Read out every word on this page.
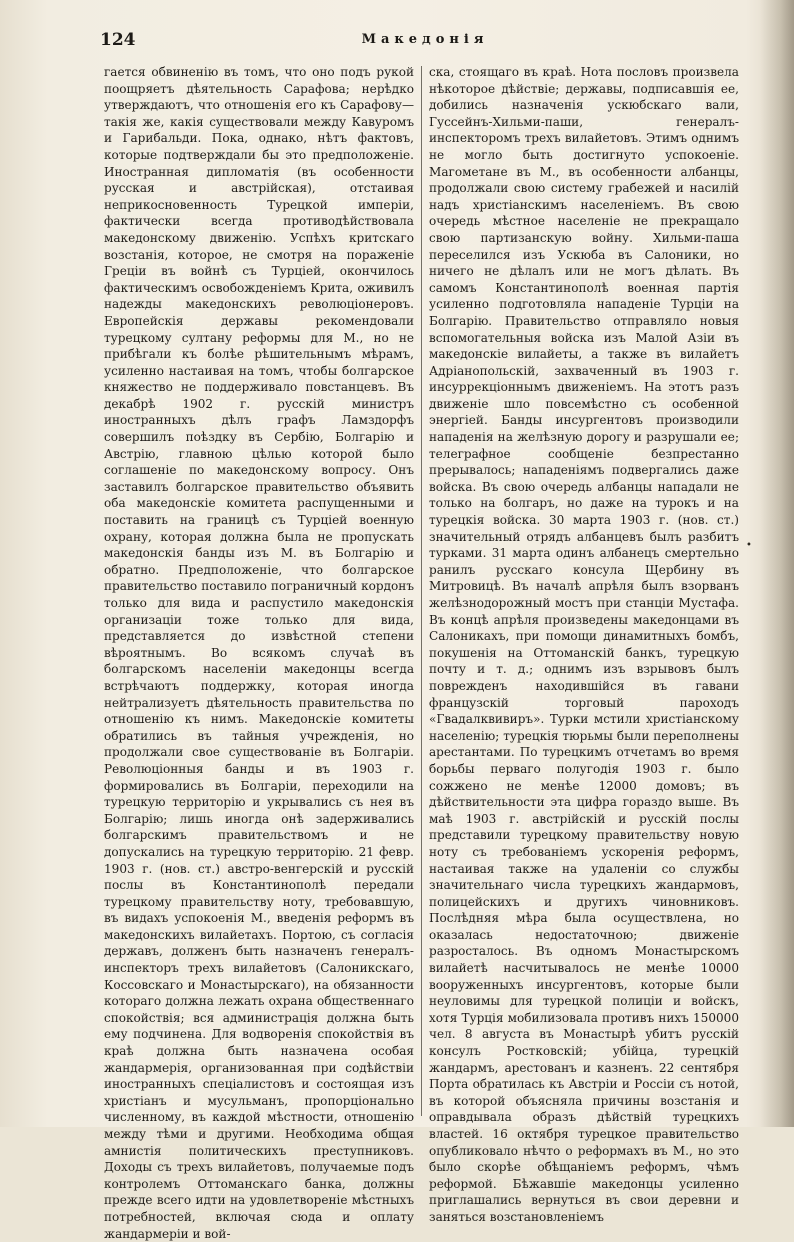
124	Македонія

гается обвиненію въ томъ, что оно подъ рукой поощряетъ дѣятельность Сарафова; нерѣдко утверждаютъ, что отношенія его къ Сарафову—такія же, какія существовали между Кавуромъ и Гарибальди. Пока, однако, нѣтъ фактовъ, которые подтверждали бы это предположеніе. Иностранная дипломатія (въ особенности русская и австрійская), отстаивая неприкосновенность Турецкой имперіи, фактически всегда противодѣйствовала македонскому движенію. Успѣхъ критскаго возстанія, которое, не смотря на пораженіе Греціи въ войнѣ съ Турціей, окончилось фактическимъ освобожденіемъ Крита, оживилъ надежды македонскихъ революціонеровъ. Европейскія державы рекомендовали турецкому султану реформы для М., но не прибѣгали къ болѣе рѣшительнымъ мѣрамъ, усиленно настаивая на томъ, чтобы болгарское княжество не поддерживало повстанцевъ. Въ декабрѣ 1902 г. русскій министръ иностранныхъ дѣлъ графъ Ламздорфъ совершилъ поѣздку въ Сербію, Болгарію и Австрію, главною цѣлью которой было соглашеніе по македонскому вопросу. Онъ заставилъ болгарское правительство объявить оба македонскіе комитета распущенными и поставить на границѣ съ Турціей военную охрану, которая должна была не пропускать македонскія банды изъ М. въ Болгарію и обратно. Предположеніе, что болгарское правительство поставило пограничный кордонъ только для вида и распустило македонскія организаціи тоже только для вида, представляется до извѣстной степени вѣроятнымъ. Во всякомъ случаѣ въ болгарскомъ населеніи македонцы всегда встрѣчаютъ поддержку, которая иногда нейтрализуетъ дѣятельность правительства по отношенію къ нимъ. Македонскіе комитеты обратились въ тайныя учрежденія, но продолжали свое существованіе въ Болгаріи. Революціонныя банды и въ 1903 г. формировались въ Болгаріи, переходили на турецкую территорію и укрывались съ нея въ Болгарію; лишь иногда онѣ задерживались болгарскимъ правительствомъ и не допускались на турецкую территорію. 21 февр. 1903 г. (нов. ст.) австро-венгерскій и русскій послы въ Константинополѣ передали турецкому правительству ноту, требовавшую, въ видахъ успокоенія М., введенія реформъ въ македонскихъ вилайетахъ. Портою, съ согласія державъ, долженъ быть назначенъ генералъ-инспекторъ трехъ вилайетовъ (Салоникскаго, Коссовскаго и Монастырскаго), на обязанности котораго должна лежать охрана общественнаго спокойствія; вся администрація должна быть ему подчинена. Для водворенія спокойствія въ краѣ должна быть назначена особая жандармерія, организованная при содѣйствіи иностранныхъ спеціалистовъ и состоящая изъ христіанъ и мусульманъ, пропорціонально численному, въ каждой мѣстности, отношенію между тѣми и другими. Необходима общая амнистія политическихъ преступниковъ. Доходы съ трехъ вилайетовъ, получаемые подъ контролемъ Оттоманскаго банка, должны прежде всего идти на удовлетвореніе мѣстныхъ потребностей, включая сюда и оплату жандармеріи и вой-

ска, стоящаго въ краѣ. Нота пословъ произвела нѣкоторое дѣйствіе; державы, подписавшія ее, добились назначенія ускюбскаго вали, Гуссейнъ-Хильми-паши, генералъ-инспекторомъ трехъ вилайетовъ. Этимъ однимъ не могло быть достигнуто успокоеніе. Магометане въ М., въ особенности албанцы, продолжали свою систему грабежей и насилій надъ христіанскимъ населеніемъ. Въ свою очередь мѣстное населеніе не прекращало свою партизанскую войну. Хильми-паша переселился изъ Ускюба въ Салоники, но ничего не дѣлалъ или не могъ дѣлать. Въ самомъ Константинополѣ военная партія усиленно подготовляла нападеніе Турціи на Болгарію. Правительство отправляло новыя вспомогательныя войска изъ Малой Азіи въ македонскіе вилайеты, а также въ вилайетъ Адріанопольскій, захваченный въ 1903 г. инсуррекціоннымъ движеніемъ. На этотъ разъ движеніе шло повсемѣстно съ особенной энергіей. Банды инсургентовъ производили нападенія на желѣзную дорогу и разрушали ее; телеграфное сообщеніе безпрестанно прерывалось; нападеніямъ подвергались даже войска. Въ свою очередь албанцы нападали не только на болгаръ, но даже на турокъ и на турецкія войска. 30 марта 1903 г. (нов. ст.) значительный отрядъ албанцевъ былъ разбитъ турками. 31 марта одинъ албанецъ смертельно ранилъ русскаго консула Щербину въ Митровицѣ. Въ началѣ апрѣля былъ взорванъ желѣзнодорожный мостъ при станціи Мустафа. Въ концѣ апрѣля произведены македонцами въ Салоникахъ, при помощи динамитныхъ бомбъ, покушенія на Оттоманскій банкъ, турецкую почту и т. д.; однимъ изъ взрывовъ былъ поврежденъ находившійся въ гавани французскій торговый пароходъ «Гвадалквивиръ». Турки мстили христіанскому населенію; турецкія тюрьмы были переполнены арестантами. По турецкимъ отчетамъ во время борьбы перваго полугодія 1903 г. было сожжено не менѣе 12000 домовъ; въ дѣйствительности эта цифра гораздо выше. Въ маѣ 1903 г. австрійскій и русскій послы представили турецкому правительству новую ноту съ требованіемъ ускоренія реформъ, настаивая также на удаленіи со службы значительнаго числа турецкихъ жандармовъ, полицейскихъ и другихъ чиновниковъ. Послѣдняя мѣра была осуществлена, но оказалась недостаточною; движеніе разросталось. Въ одномъ Монастырскомъ вилайетѣ насчитывалось не менѣе 10000 вооруженныхъ инсургентовъ, которые были неуловимы для турецкой полиціи и войскъ, хотя Турція мобилизовала противъ нихъ 150000 чел. 8 августа въ Монастырѣ убитъ русскій консулъ Ростковскій; убійца, турецкій жандармъ, арестованъ и казненъ. 22 сентября Порта обратилась къ Австріи и Россіи съ нотой, въ которой объясняла причины возстанія и оправдывала образъ дѣйствій турецкихъ властей. 16 октября турецкое правительство опубликовало нѣчто о реформахъ въ М., но это было скорѣе обѣщаніемъ реформъ, чѣмъ реформой. Бѣжавшіе македонцы усиленно приглашались вернуться въ свои деревни и заняться возстановленіемъ

•
